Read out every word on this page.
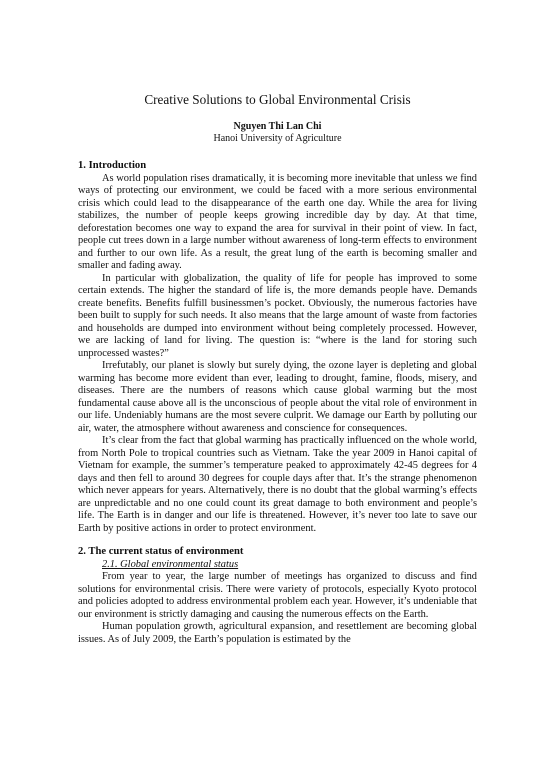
Creative Solutions to Global Environmental Crisis
Nguyen Thi Lan Chi
Hanoi University of Agriculture
1. Introduction

As world population rises dramatically, it is becoming more inevitable that unless we find ways of protecting our environment, we could be faced with a more serious environmental crisis which could lead to the disappearance of the earth one day. While the area for living stabilizes, the number of people keeps growing incredible day by day. At that time, deforestation becomes one way to expand the area for survival in their point of view. In fact, people cut trees down in a large number without awareness of long-term effects to environment and further to our own life. As a result, the great lung of the earth is becoming smaller and smaller and fading away.

In particular with globalization, the quality of life for people has improved to some certain extends. The higher the standard of life is, the more demands people have. Demands create benefits. Benefits fulfill businessmen’s pocket. Obviously, the numerous factories have been built to supply for such needs. It also means that the large amount of waste from factories and households are dumped into environment without being completely processed. However, we are lacking of land for living. The question is: “where is the land for storing such unprocessed wastes?”

Irrefutably, our planet is slowly but surely dying, the ozone layer is depleting and global warming has become more evident than ever, leading to drought, famine, floods, misery, and diseases. There are the numbers of reasons which cause global warming but the most fundamental cause above all is the unconscious of people about the vital role of environment in our life. Undeniably humans are the most severe culprit. We damage our Earth by polluting our air, water, the atmosphere without awareness and conscience for consequences.

It’s clear from the fact that global warming has practically influenced on the whole world, from North Pole to tropical countries such as Vietnam. Take the year 2009 in Hanoi capital of Vietnam for example, the summer’s temperature peaked to approximately 42-45 degrees for 4 days and then fell to around 30 degrees for couple days after that. It’s the strange phenomenon which never appears for years. Alternatively, there is no doubt that the global warming’s effects are unpredictable and no one could count its great damage to both environment and people’s life. The Earth is in danger and our life is threatened. However, it’s never too late to save our Earth by positive actions in order to protect environment.

2. The current status of environment
2.1. Global environmental status

From year to year, the large number of meetings has organized to discuss and find solutions for environmental crisis. There were variety of protocols, especially Kyoto protocol and policies adopted to address environmental problem each year. However, it’s undeniable that our environment is strictly damaging and causing the numerous effects on the Earth.

Human population growth, agricultural expansion, and resettlement are becoming global issues. As of July 2009, the Earth’s population is estimated by the
